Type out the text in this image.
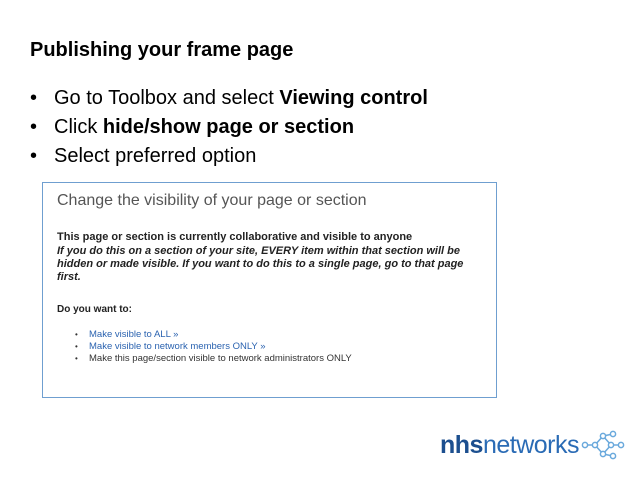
Publishing your frame page
• Go to Toolbox and select Viewing control
• Click hide/show page or section
• Select preferred option
Change the visibility of your page or section
This page or section is currently collaborative and visible to anyone
If you do this on a section of your site, EVERY item within that section will be hidden or made visible. If you want to do this to a single page, go to that page first.
Do you want to:
• Make visible to ALL »
• Make visible to network members ONLY »
• Make this page/section visible to network administrators ONLY
nhs networks
